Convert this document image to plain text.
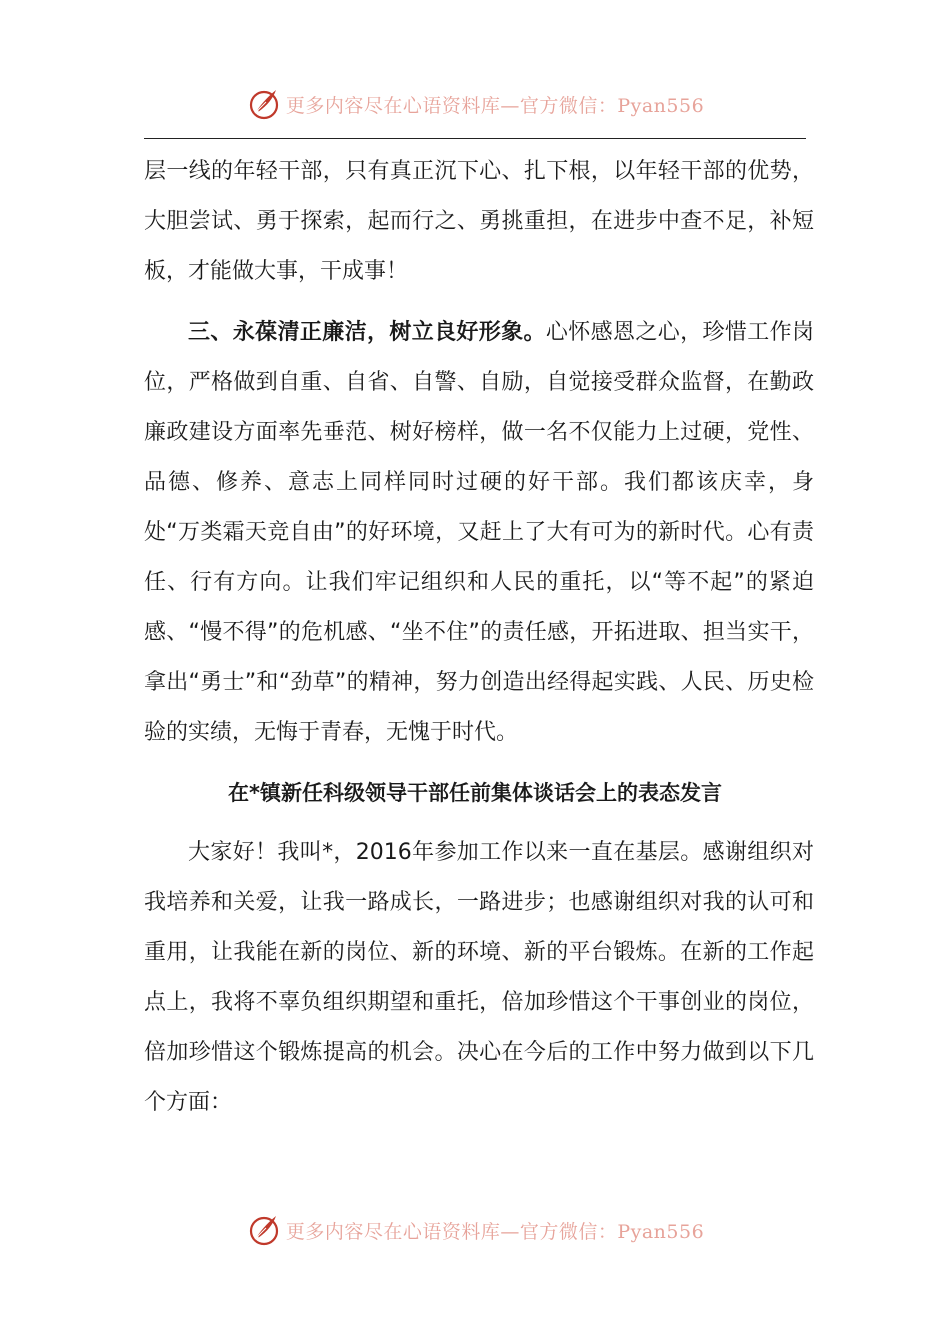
更多内容尽在心语资料库—官方微信：Pyan556

层一线的年轻干部，只有真正沉下心、扎下根，以年轻干部的优势，大胆尝试、勇于探索，起而行之、勇挑重担，在进步中查不足，补短板，才能做大事，干成事！

三、永葆清正廉洁，树立良好形象。心怀感恩之心，珍惜工作岗位，严格做到自重、自省、自警、自励，自觉接受群众监督，在勤政廉政建设方面率先垂范、树好榜样，做一名不仅能力上过硬，党性、品德、修养、意志上同样同时过硬的好干部。我们都该庆幸，身处“万类霜天竞自由”的好环境，又赶上了大有可为的新时代。心有责任、行有方向。让我们牢记组织和人民的重托，以“等不起”的紧迫感、“慢不得”的危机感、“坐不住”的责任感，开拓进取、担当实干，拿出“勇士”和“劲草”的精神，努力创造出经得起实践、人民、历史检验的实绩，无悔于青春，无愧于时代。

在*镇新任科级领导干部任前集体谈话会上的表态发言

大家好！我叫*，2016年参加工作以来一直在基层。感谢组织对我培养和关爱，让我一路成长，一路进步；也感谢组织对我的认可和重用，让我能在新的岗位、新的环境、新的平台锻炼。在新的工作起点上，我将不辜负组织期望和重托，倍加珍惜这个干事创业的岗位，倍加珍惜这个锻炼提高的机会。决心在今后的工作中努力做到以下几个方面：

更多内容尽在心语资料库—官方微信：Pyan556
